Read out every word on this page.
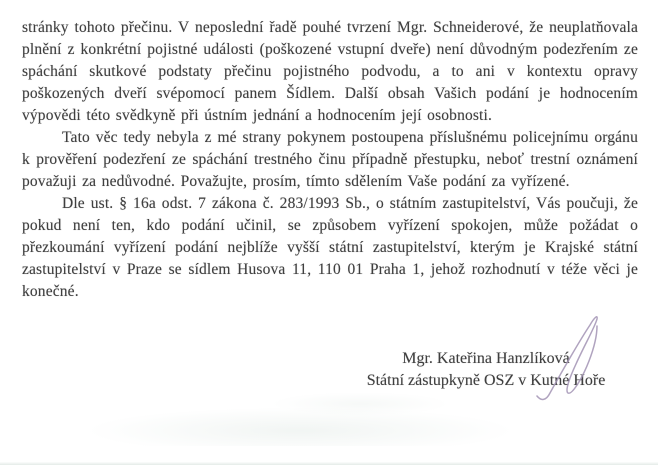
stránky tohoto přečinu. V neposlední řadě pouhé tvrzení Mgr. Schneiderové, že neuplatňovala plnění z konkrétní pojistné události (poškozené vstupní dveře) není důvodným podezřením ze spáchání skutkové podstaty přečinu pojistného podvodu, a to ani v kontextu opravy poškozených dveří svépomocí panem Šídlem. Další obsah Vašich podání je hodnocením výpovědi této svědkyně při ústním jednání a hodnocením její osobnosti.

Tato věc tedy nebyla z mé strany pokynem postoupena příslušnému policejnímu orgánu k prověření podezření ze spáchání trestného činu případně přestupku, neboť trestní oznámení považuji za nedůvodné. Považujte, prosím, tímto sdělením Vaše podání za vyřízené.

Dle ust. § 16a odst. 7 zákona č. 283/1993 Sb., o státním zastupitelství, Vás poučuji, že pokud není ten, kdo podání učinil, se způsobem vyřízení spokojen, může požádat o přezkoumání vyřízení podání nejblíže vyšší státní zastupitelství, kterým je Krajské státní zastupitelství v Praze se sídlem Husova 11, 110 01 Praha 1, jehož rozhodnutí v téže věci je konečné.

Mgr. Kateřina Hanzlíková
Státní zástupkyně OSZ v Kutné Hoře
